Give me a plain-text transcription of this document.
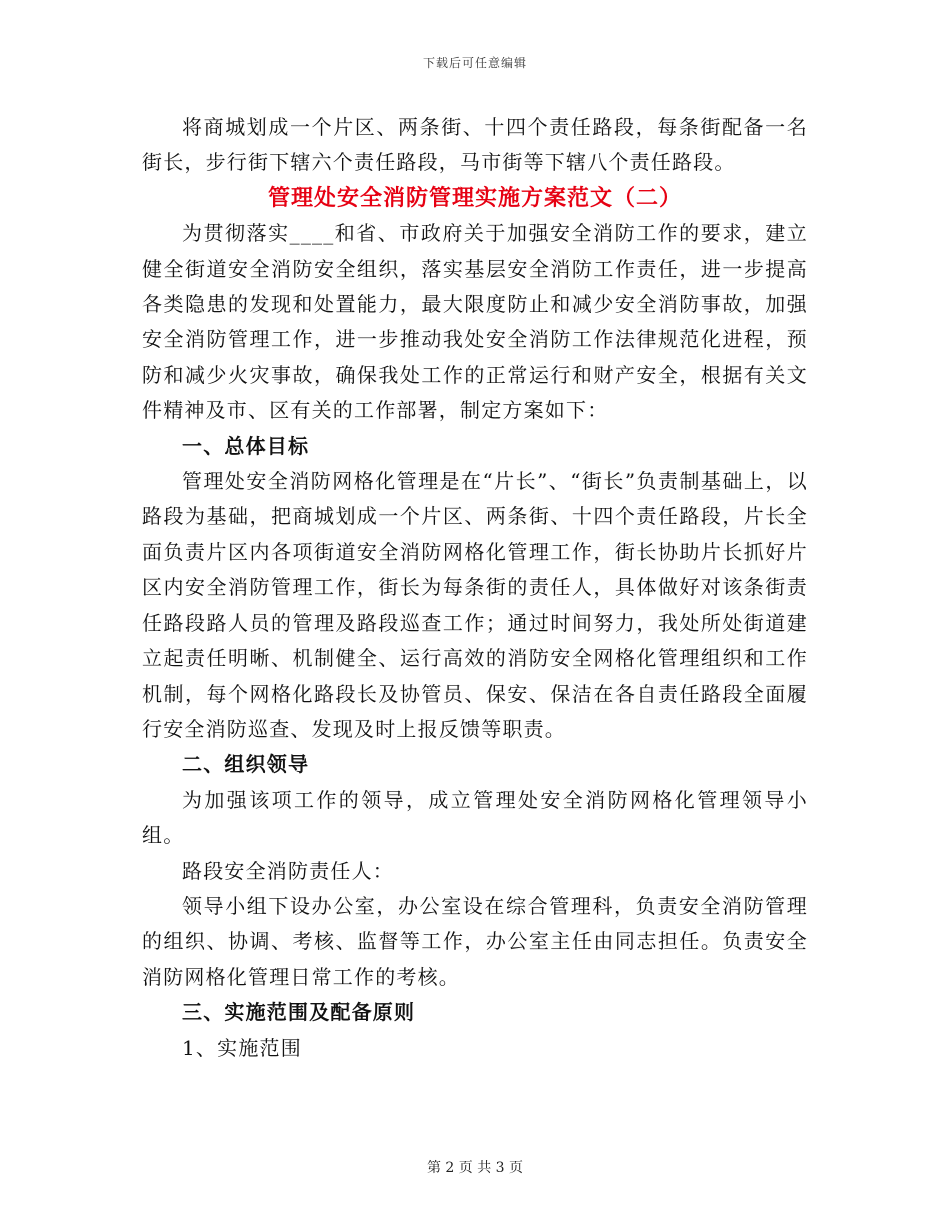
下载后可任意编辑

将商城划成一个片区、两条街、十四个责任路段，每条街配备一名街长，步行街下辖六个责任路段，马市街等下辖八个责任路段。

管理处安全消防管理实施方案范文（二）

为贯彻落实____和省、市政府关于加强安全消防工作的要求，建立健全街道安全消防安全组织，落实基层安全消防工作责任，进一步提高各类隐患的发现和处置能力，最大限度防止和减少安全消防事故，加强安全消防管理工作，进一步推动我处安全消防工作法律规范化进程，预防和减少火灾事故，确保我处工作的正常运行和财产安全，根据有关文件精神及市、区有关的工作部署，制定方案如下：

一、总体目标

管理处安全消防网格化管理是在“片长”、“街长”负责制基础上，以路段为基础，把商城划成一个片区、两条街、十四个责任路段，片长全面负责片区内各项街道安全消防网格化管理工作，街长协助片长抓好片区内安全消防管理工作，街长为每条街的责任人，具体做好对该条街责任路段路人员的管理及路段巡查工作；通过时间努力，我处所处街道建立起责任明晰、机制健全、运行高效的消防安全网格化管理组织和工作机制，每个网格化路段长及协管员、保安、保洁在各自责任路段全面履行安全消防巡查、发现及时上报反馈等职责。

二、组织领导

为加强该项工作的领导，成立管理处安全消防网格化管理领导小组。

路段安全消防责任人：

领导小组下设办公室，办公室设在综合管理科，负责安全消防管理的组织、协调、考核、监督等工作，办公室主任由同志担任。负责安全消防网格化管理日常工作的考核。

三、实施范围及配备原则

1、实施范围

第 2 页 共 3 页
